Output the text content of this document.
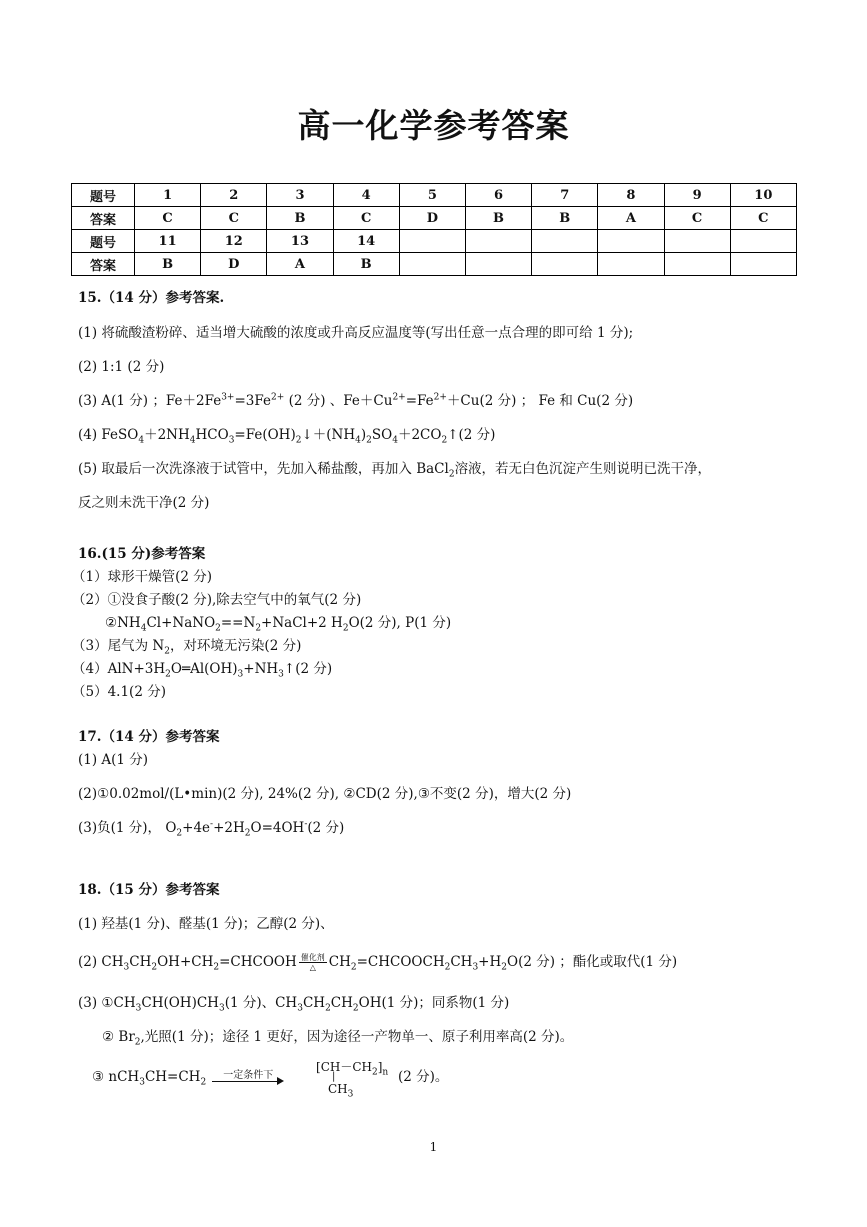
高一化学参考答案
题号	1	2	3	4	5	6	7	8	9	10
答案	C	C	B	C	D	B	B	A	C	C
题号	11	12	13	14						
答案	B	D	A	B						
15.（14 分）参考答案.
(1) 将硫酸渣粉碎、适当增大硫酸的浓度或升高反应温度等(写出任意一点合理的即可给 1 分);
(2) 1:1 (2 分)
(3) A(1 分) ；$Fe+2Fe^{3+}=3Fe^{2+}$ (2 分) 、$Fe+Cu^{2+}=Fe^{2+}+Cu(2$ 分) ； Fe 和 Cu(2 分)
(4) $FeSO_4+2NH_4HCO_3=Fe(OH)_2↓+(NH_4)_2SO_4+2CO_2↑(2$ 分)
(5) 取最后一次洗涤液于试管中，先加入稀盐酸，再加入 BaCl$_2$溶液，若无白色沉淀产生则说明已洗干净，
反之则未洗干净(2 分)
16.(15 分)参考答案
（1）球形干燥管(2 分)
（2）①没食子酸(2 分),除去空气中的氧气(2 分)
$②NH_4Cl+NaNO_2==N_2+NaCl+2$ $H_2O(2$ 分), P(1 分)
（3）尾气为 $N_2$，对环境无污染(2 分)
$(4)AlN+3H_2O═Al(OH)_3+NH_3↑(2$ 分)
（5）4.1(2 分)
17.（14 分）参考答案
(1) A(1 分)
(2)①0.02mol/(L•min)(2 分), 24%(2 分), ②CD(2 分),③不变(2 分)，增大(2 分)
(3)负(1 分)， $O_2+4e^-+2H_2O=4OH^-(2$ 分)
18.（15 分）参考答案
(1) 羟基(1 分)、醛基(1 分)；乙醇(2 分)、
(2) $CH_3CH_2OH+CH_2=CHCOOH \frac{\text{催化剂}}{\triangle}$ $CH_2=CHCOOCH_2CH_3+H_2O(2$ 分) ；酯化或取代(1 分)
(3) $①CH_3CH(OH)CH_3(1$ 分)、$CH_3CH_2CH_2OH(1$ 分)；同系物(1 分)
② $Br_2$,光照(1 分)；途径 1 更好，因为途径一产物单一、原子利用率高(2 分)。
③ $nCH_3CH=CH_2$
一定条件下
$[CH-CH_2]_n$
|
$CH_3$
(2 分)。
1
